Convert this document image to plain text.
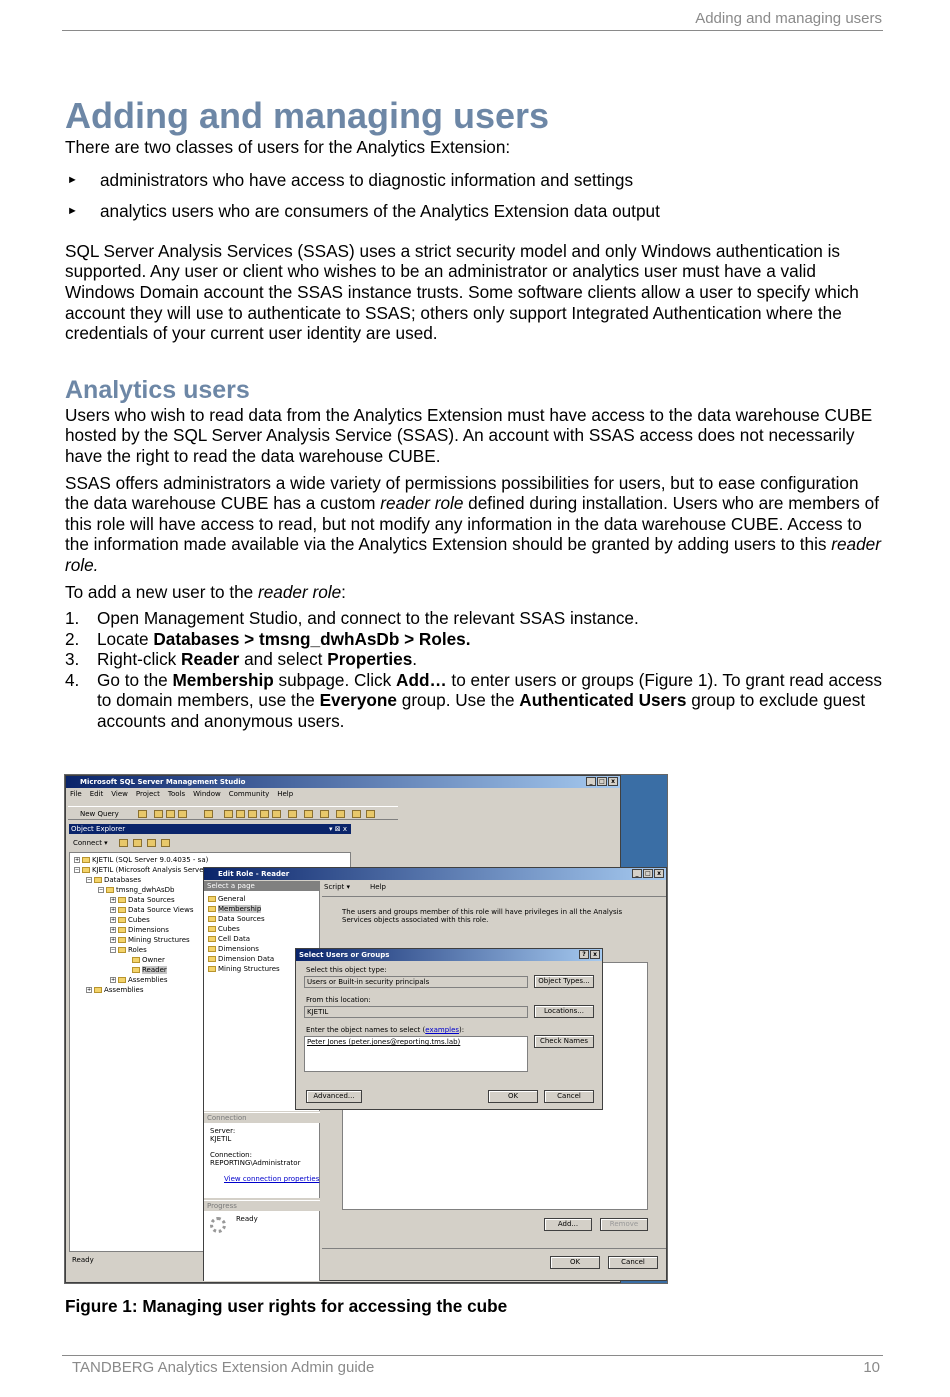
Adding and managing users
Adding and managing users

There are two classes of users for the Analytics Extension:

► administrators who have access to diagnostic information and settings
► analytics users who are consumers of the Analytics Extension data output

SQL Server Analysis Services (SSAS) uses a strict security model and only Windows authentication is supported. Any user or client who wishes to be an administrator or analytics user must have a valid Windows Domain account the SSAS instance trusts. Some software clients allow a user to specify which account they will use to authenticate to SSAS; others only support Integrated Authentication where the credentials of your current user identity are used.

Analytics users

Users who wish to read data from the Analytics Extension must have access to the data warehouse CUBE hosted by the SQL Server Analysis Service (SSAS). An account with SSAS access does not necessarily have the right to read the data warehouse CUBE.

SSAS offers administrators a wide variety of permissions possibilities for users, but to ease configuration the data warehouse CUBE has a custom reader role defined during installation. Users who are members of this role will have access to read, but not modify any information in the data warehouse CUBE. Access to the information made available via the Analytics Extension should be granted by adding users to this reader role.

To add a new user to the reader role:

1. Open Management Studio, and connect to the relevant SSAS instance.
2. Locate Databases > tmsng_dwhAsDb > Roles.
3. Right-click Reader and select Properties.
4. Go to the Membership subpage. Click Add… to enter users or groups (Figure 1). To grant read access to domain members, use the Everyone group. Use the Authenticated Users group to exclude guest accounts and anonymous users.
Microsoft SQL Server Management Studio	_	□	x
File Edit View Project Tools Window Community Help
New Query
Object Explorer	▾ ⊠ x
Connect ▾
+ KJETIL (SQL Server 9.0.4035 - sa)
− KJETIL (Microsoft Analysis Serve
− Databases
− tmsng_dwhAsDb
+ Data Sources
+ Data Source Views
+ Cubes
+ Dimensions
+ Mining Structures
− Roles
Owner
Reader
+ Assemblies
+ Assemblies
Ready
Edit Role - Reader	_	□	x
Select a page
General
Membership
Data Sources
Cubes
Cell Data
Dimensions
Dimension Data
Mining Structures
Connection
Server:
KJETIL
Connection:
REPORTING\Administrator
View connection properties
Progress
Ready
Script ▾	Help
The users and groups member of this role will have privileges in all the Analysis Services objects associated with this role.
Add...	Remove
OK	Cancel
Select Users or Groups	?	x
Select this object type:
Users or Built-in security principals	Object Types...
From this location:
KJETIL	Locations...
Enter the object names to select (examples):
Peter Jones (peter.jones@reporting.tms.lab)	Check Names
Advanced...	OK	Cancel
Figure 1: Managing user rights for accessing the cube
TANDBERG Analytics Extension Admin guide	10
